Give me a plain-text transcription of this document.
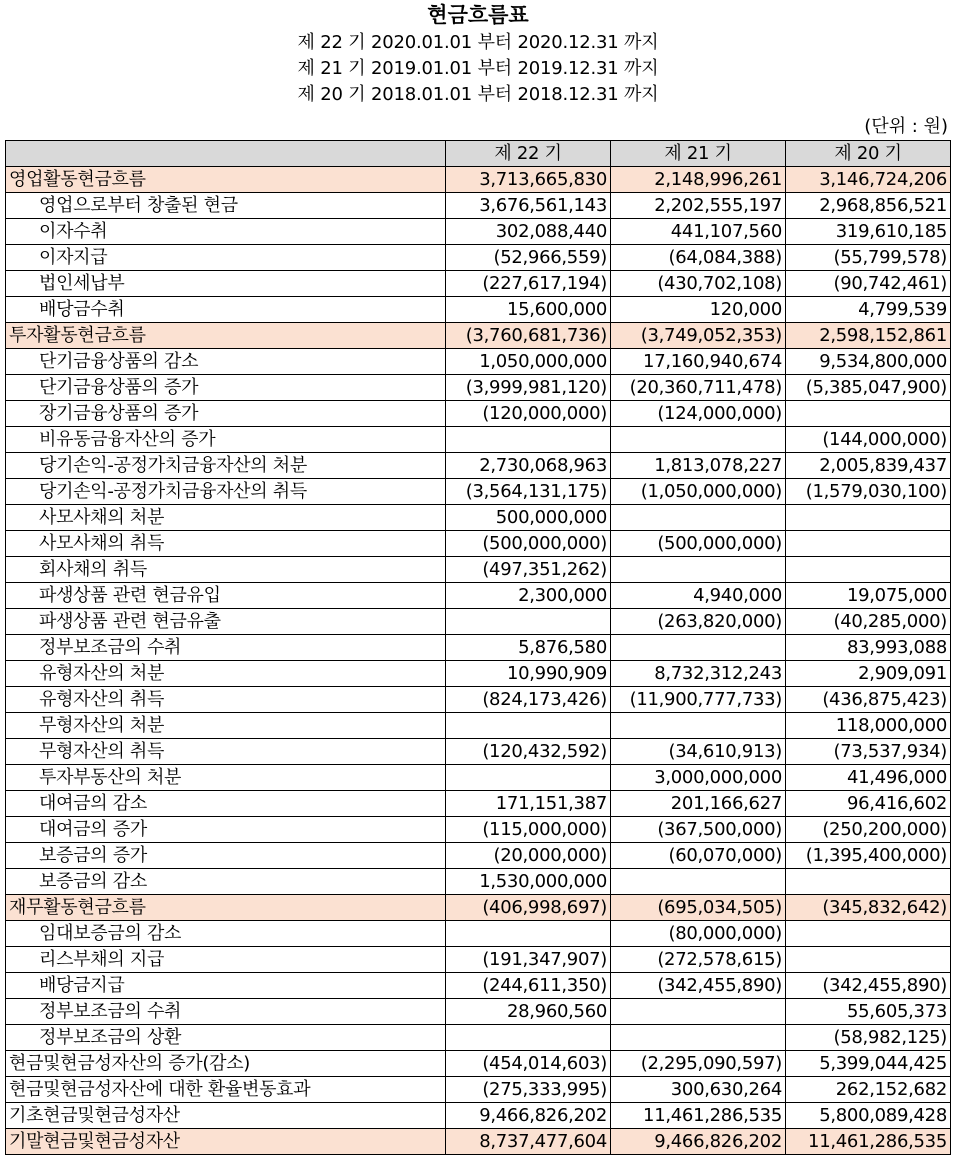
현금흐름표
제 22 기 2020.01.01 부터 2020.12.31 까지
제 21 기 2019.01.01 부터 2019.12.31 까지
제 20 기 2018.01.01 부터 2018.12.31 까지
(단위 : 원)
	제 22 기	제 21 기	제 20 기
영업활동현금흐름	3,713,665,830	2,148,996,261	3,146,724,206
영업으로부터 창출된 현금	3,676,561,143	2,202,555,197	2,968,856,521
이자수취	302,088,440	441,107,560	319,610,185
이자지급	(52,966,559)	(64,084,388)	(55,799,578)
법인세납부	(227,617,194)	(430,702,108)	(90,742,461)
배당금수취	15,600,000	120,000	4,799,539
투자활동현금흐름	(3,760,681,736)	(3,749,052,353)	2,598,152,861
단기금융상품의 감소	1,050,000,000	17,160,940,674	9,534,800,000
단기금융상품의 증가	(3,999,981,120)	(20,360,711,478)	(5,385,047,900)
장기금융상품의 증가	(120,000,000)	(124,000,000)	
비유동금융자산의 증가			(144,000,000)
당기손익-공정가치금융자산의 처분	2,730,068,963	1,813,078,227	2,005,839,437
당기손익-공정가치금융자산의 취득	(3,564,131,175)	(1,050,000,000)	(1,579,030,100)
사모사채의 처분	500,000,000		
사모사채의 취득	(500,000,000)	(500,000,000)	
회사채의 취득	(497,351,262)		
파생상품 관련 현금유입	2,300,000	4,940,000	19,075,000
파생상품 관련 현금유출		(263,820,000)	(40,285,000)
정부보조금의 수취	5,876,580		83,993,088
유형자산의 처분	10,990,909	8,732,312,243	2,909,091
유형자산의 취득	(824,173,426)	(11,900,777,733)	(436,875,423)
무형자산의 처분			118,000,000
무형자산의 취득	(120,432,592)	(34,610,913)	(73,537,934)
투자부동산의 처분		3,000,000,000	41,496,000
대여금의 감소	171,151,387	201,166,627	96,416,602
대여금의 증가	(115,000,000)	(367,500,000)	(250,200,000)
보증금의 증가	(20,000,000)	(60,070,000)	(1,395,400,000)
보증금의 감소	1,530,000,000		
재무활동현금흐름	(406,998,697)	(695,034,505)	(345,832,642)
임대보증금의 감소		(80,000,000)	
리스부채의 지급	(191,347,907)	(272,578,615)	
배당금지급	(244,611,350)	(342,455,890)	(342,455,890)
정부보조금의 수취	28,960,560		55,605,373
정부보조금의 상환			(58,982,125)
현금및현금성자산의 증가(감소)	(454,014,603)	(2,295,090,597)	5,399,044,425
현금및현금성자산에 대한 환율변동효과	(275,333,995)	300,630,264	262,152,682
기초현금및현금성자산	9,466,826,202	11,461,286,535	5,800,089,428
기말현금및현금성자산	8,737,477,604	9,466,826,202	11,461,286,535
